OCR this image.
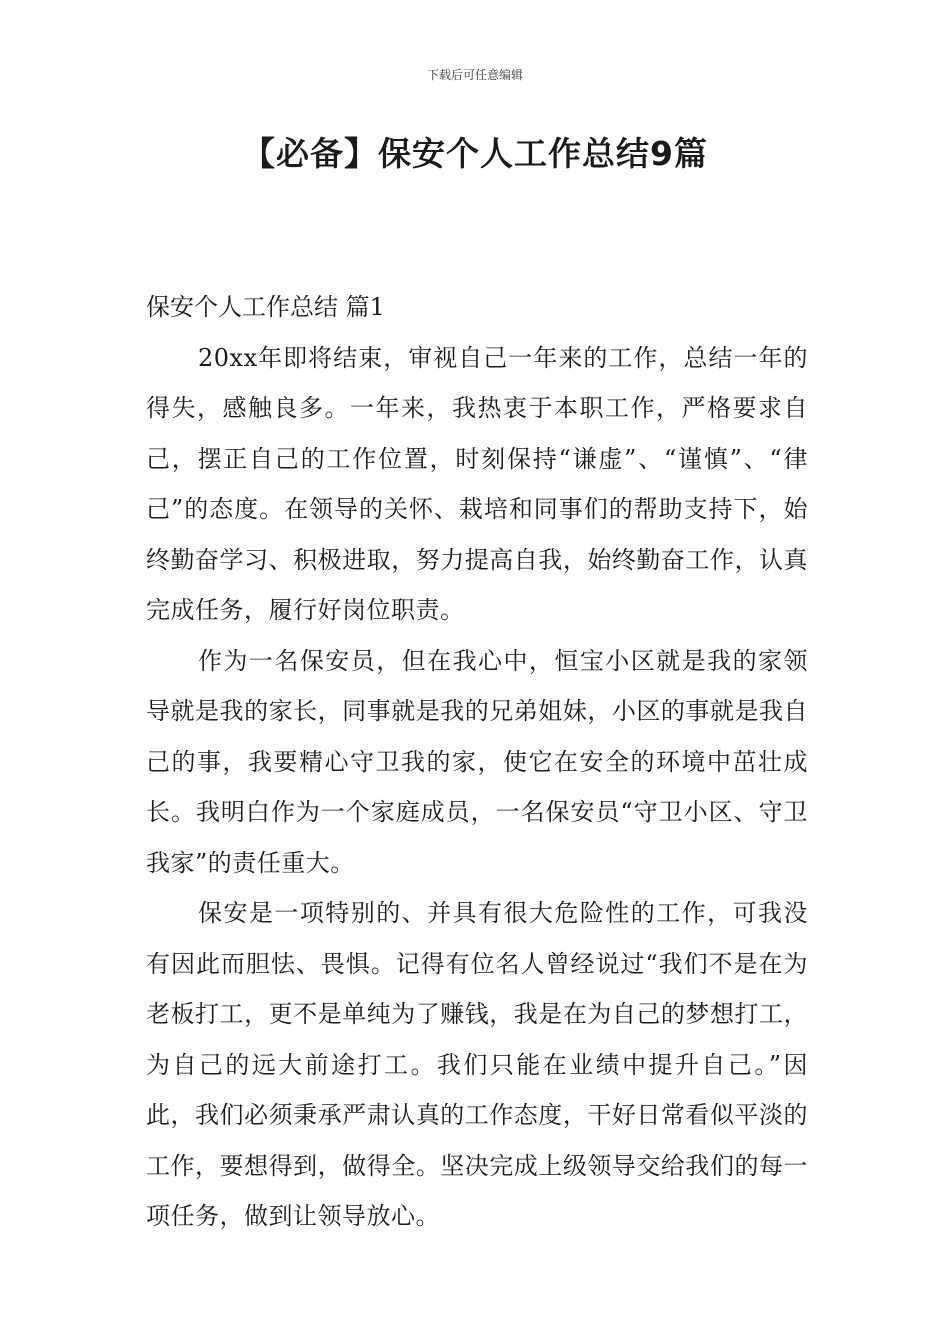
下载后可任意编辑
【必备】保安个人工作总结9篇
保安个人工作总结 篇1

20xx年即将结束，审视自己一年来的工作，总结一年的得失，感触良多。一年来，我热衷于本职工作，严格要求自己，摆正自己的工作位置，时刻保持“谦虚”、“谨慎”、“律己”的态度。在领导的关怀、栽培和同事们的帮助支持下，始终勤奋学习、积极进取，努力提高自我，始终勤奋工作，认真完成任务，履行好岗位职责。

作为一名保安员，但在我心中，恒宝小区就是我的家领导就是我的家长，同事就是我的兄弟姐妹，小区的事就是我自己的事，我要精心守卫我的家，使它在安全的环境中茁壮成长。我明白作为一个家庭成员，一名保安员“守卫小区、守卫我家”的责任重大。

保安是一项特别的、并具有很大危险性的工作，可我没有因此而胆怯、畏惧。记得有位名人曾经说过“我们不是在为老板打工，更不是单纯为了赚钱，我是在为自己的梦想打工，为自己的远大前途打工。我们只能在业绩中提升自己。”因此，我们必须秉承严肃认真的工作态度，干好日常看似平淡的工作，要想得到，做得全。坚决完成上级领导交给我们的每一项任务，做到让领导放心。
